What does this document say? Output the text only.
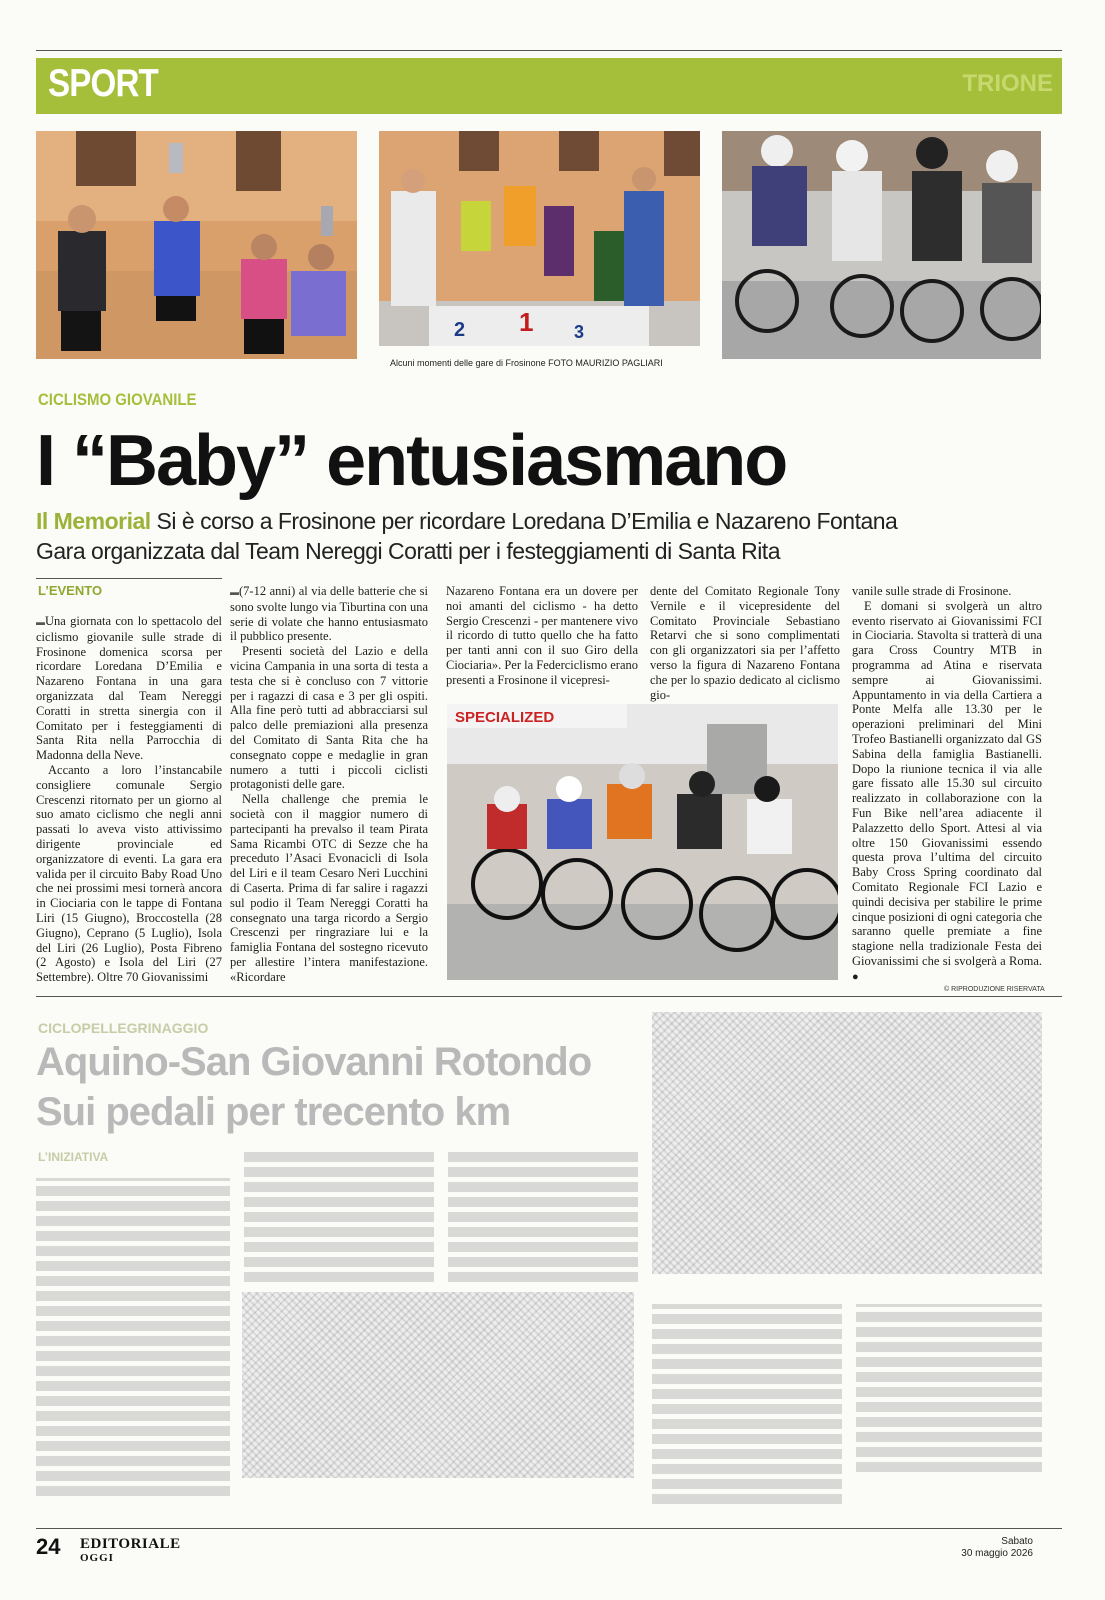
SPORT	TRIONE
2 1 3
Alcuni momenti delle gare di Frosinone FOTO MAURIZIO PAGLIARI
CICLISMO GIOVANILE
I “Baby” entusiasmano
Il Memorial Si è corso a Frosinone per ricordare Loredana D’Emilia e Nazareno Fontana
Gara organizzata dal Team Nereggi Coratti per i festeggiamenti di Santa Rita
L’EVENTO

▬ Una giornata con lo spettacolo del ciclismo giovanile sulle strade di Frosinone domenica scorsa per ricordare Loredana D’Emilia e Nazareno Fontana in una gara organizzata dal Team Nereggi Coratti in stretta sinergia con il Comitato per i festeggiamenti di Santa Rita nella Parrocchia di Madonna della Neve.

Accanto a loro l’instancabile consigliere comunale Sergio Crescenzi ritornato per un giorno al suo amato ciclismo che negli anni passati lo aveva visto attivissimo dirigente provinciale ed organizzatore di eventi. La gara era valida per il circuito Baby Road Uno che nei prossimi mesi tornerà ancora in Ciociaria con le tappe di Fontana Liri (15 Giugno), Broccostella (28 Giugno), Ceprano (5 Luglio), Isola del Liri (26 Luglio), Posta Fibreno (2 Agosto) e Isola del Liri (27 Settembre). Oltre 70 Giovanissimi

▬ (7-12 anni) al via delle batterie che si sono svolte lungo via Tiburtina con una serie di volate che hanno entusiasmato il pubblico presente.

Presenti società del Lazio e della vicina Campania in una sorta di testa a testa che si è concluso con 7 vittorie per i ragazzi di casa e 3 per gli ospiti. Alla fine però tutti ad abbracciarsi sul palco delle premiazioni alla presenza del Comitato di Santa Rita che ha consegnato coppe e medaglie in gran numero a tutti i piccoli ciclisti protagonisti delle gare.

Nella challenge che premia le società con il maggior numero di partecipanti ha prevalso il team Pirata Sama Ricambi OTC di Sezze che ha preceduto l’Asaci Evonacicli di Isola del Liri e il team Cesaro Neri Lucchini di Caserta. Prima di far salire i ragazzi sul podio il Team Nereggi Coratti ha consegnato una targa ricordo a Sergio Crescenzi per ringraziare lui e la famiglia Fontana del sostegno ricevuto per allestire l’intera manifestazione. «Ricordare

Nazareno Fontana era un dovere per noi amanti del ciclismo - ha detto Sergio Crescenzi - per mantenere vivo il ricordo di tutto quello che ha fatto per tanti anni con il suo Giro della Ciociaria». Per la Federciclismo erano presenti a Frosinone il vicepresi-

dente del Comitato Regionale Tony Vernile e il vicepresidente del Comitato Provinciale Sebastiano Retarvi che si sono complimentati con gli organizzatori sia per l’affetto verso la figura di Nazareno Fontana che per lo spazio dedicato al ciclismo gio-

vanile sulle strade di Frosinone.

E domani si svolgerà un altro evento riservato ai Giovanissimi FCI in Ciociaria. Stavolta si tratterà di una gara Cross Country MTB in programma ad Atina e riservata sempre ai Giovanissimi. Appuntamento in via della Cartiera a Ponte Melfa alle 13.30 per le operazioni preliminari del Mini Trofeo Bastianelli organizzato dal GS Sabina della famiglia Bastianelli. Dopo la riunione tecnica il via alle gare fissato alle 15.30 sul circuito realizzato in collaborazione con la Fun Bike nell’area adiacente il Palazzetto dello Sport. Attesi al via oltre 150 Giovanissimi essendo questa prova l’ultima del circuito Baby Cross Spring coordinato dal Comitato Regionale FCI Lazio e quindi decisiva per stabilire le prime cinque posizioni di ogni categoria che saranno quelle premiate a fine stagione nella tradizionale Festa dei Giovanissimi che si svolgerà a Roma. ●

SPECIALIZED
© RIPRODUZIONE RISERVATA
CICLOPELLEGRINAGGIO
Aquino-San Giovanni Rotondo
Sui pedali per trecento km
L’INIZIATIVA
24 EDITORIALE
OGGI
Sabato
30 maggio 2026
